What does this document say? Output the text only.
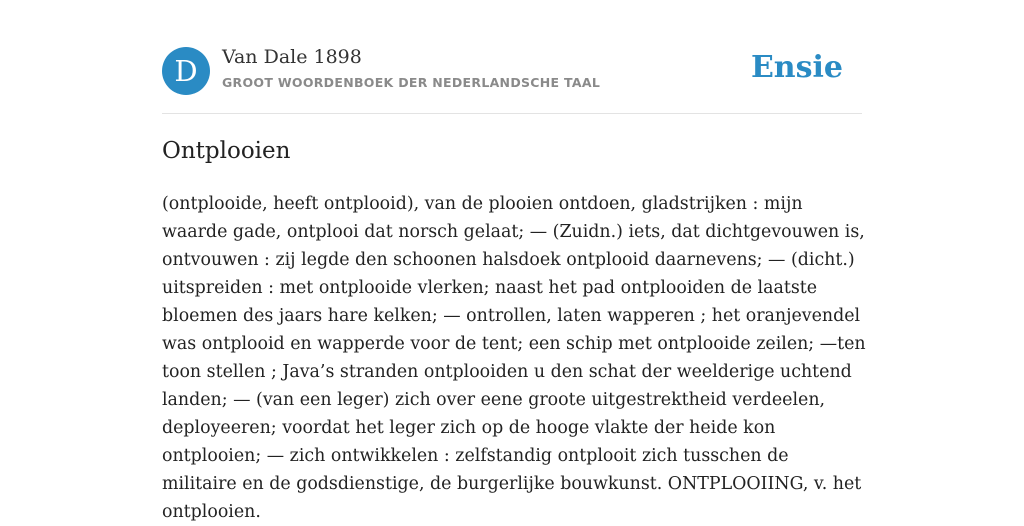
D	Van Dale 1898
GROOT WOORDENBOEK DER NEDERLANDSCHE TAAL	Ensie
Ontplooien

(ontplooide, heeft ontplooid), van de plooien ontdoen, gladstrijken : mijn waarde gade, ontplooi dat norsch gelaat; — (Zuidn.) iets, dat dichtgevouwen is, ontvouwen : zij legde den schoonen halsdoek ontplooid daarnevens; — (dicht.) uitspreiden : met ontplooide vlerken; naast het pad ontplooiden de laatste bloemen des jaars hare kelken; — ontrollen, laten wapperen ; het oranjevendel was ontplooid en wapperde voor de tent; een schip met ontplooide zeilen; —ten toon stellen ; Java’s stranden ontplooiden u den schat der weelderige uchtend landen; — (van een leger) zich over eene groote uitgestrektheid verdeelen, deployeeren; voordat het leger zich op de hooge vlakte der heide kon ontplooien; — zich ontwikkelen : zelfstandig ontplooit zich tusschen de militaire en de godsdienstige, de burgerlijke bouwkunst. ONTPLOOIING, v. het ontplooien.
